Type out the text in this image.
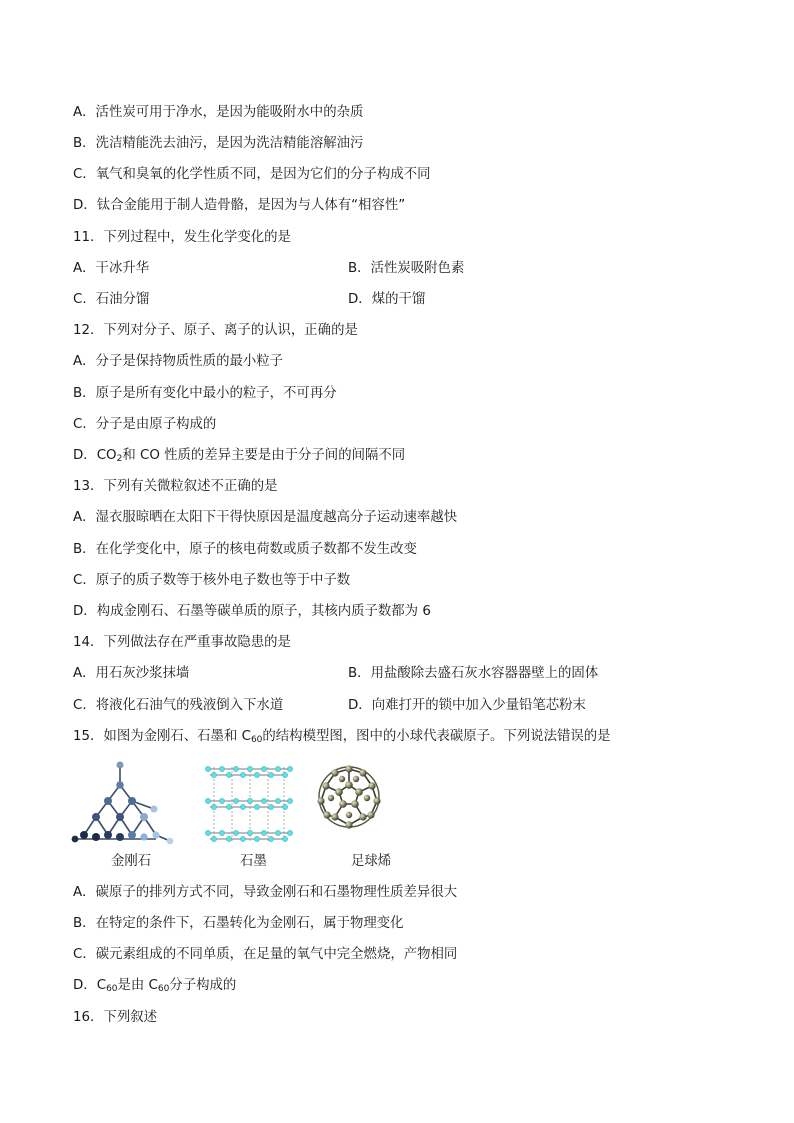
A．活性炭可用于净水，是因为能吸附水中的杂质
B．洗洁精能洗去油污，是因为洗洁精能溶解油污
C．氧气和臭氧的化学性质不同，是因为它们的分子构成不同
D．钛合金能用于制人造骨骼，是因为与人体有“相容性”
11．下列过程中，发生化学变化的是
A．干冰升华	B．活性炭吸附色素
C．石油分馏	D．煤的干馏
12．下列对分子、原子、离子的认识，正确的是
A．分子是保持物质性质的最小粒子
B．原子是所有变化中最小的粒子，不可再分
C．分子是由原子构成的
D．$CO_2$和 CO 性质的差异主要是由于分子间的间隔不同
13．下列有关微粒叙述不正确的是
A．湿衣服晾晒在太阳下干得快原因是温度越高分子运动速率越快
B．在化学变化中，原子的核电荷数或质子数都不发生改变
C．原子的质子数等于核外电子数也等于中子数
D．构成金刚石、石墨等碳单质的原子，其核内质子数都为 6
14．下列做法存在严重事故隐患的是
A．用石灰沙浆抹墙	B．用盐酸除去盛石灰水容器器壁上的固体
C．将液化石油气的残液倒入下水道	D．向难打开的锁中加入少量铅笔芯粉末
15．如图为金刚石、石墨和 $C_{60}$的结构模型图，图中的小球代表碳原子。下列说法错误的是
金刚石	石墨	足球烯
A．碳原子的排列方式不同，导致金刚石和石墨物理性质差异很大
B．在特定的条件下，石墨转化为金刚石，属于物理变化
C．碳元素组成的不同单质，在足量的氧气中完全燃烧，产物相同
D．$C_{60}$是由 $C_{60}$分子构成的
16．下列叙述
